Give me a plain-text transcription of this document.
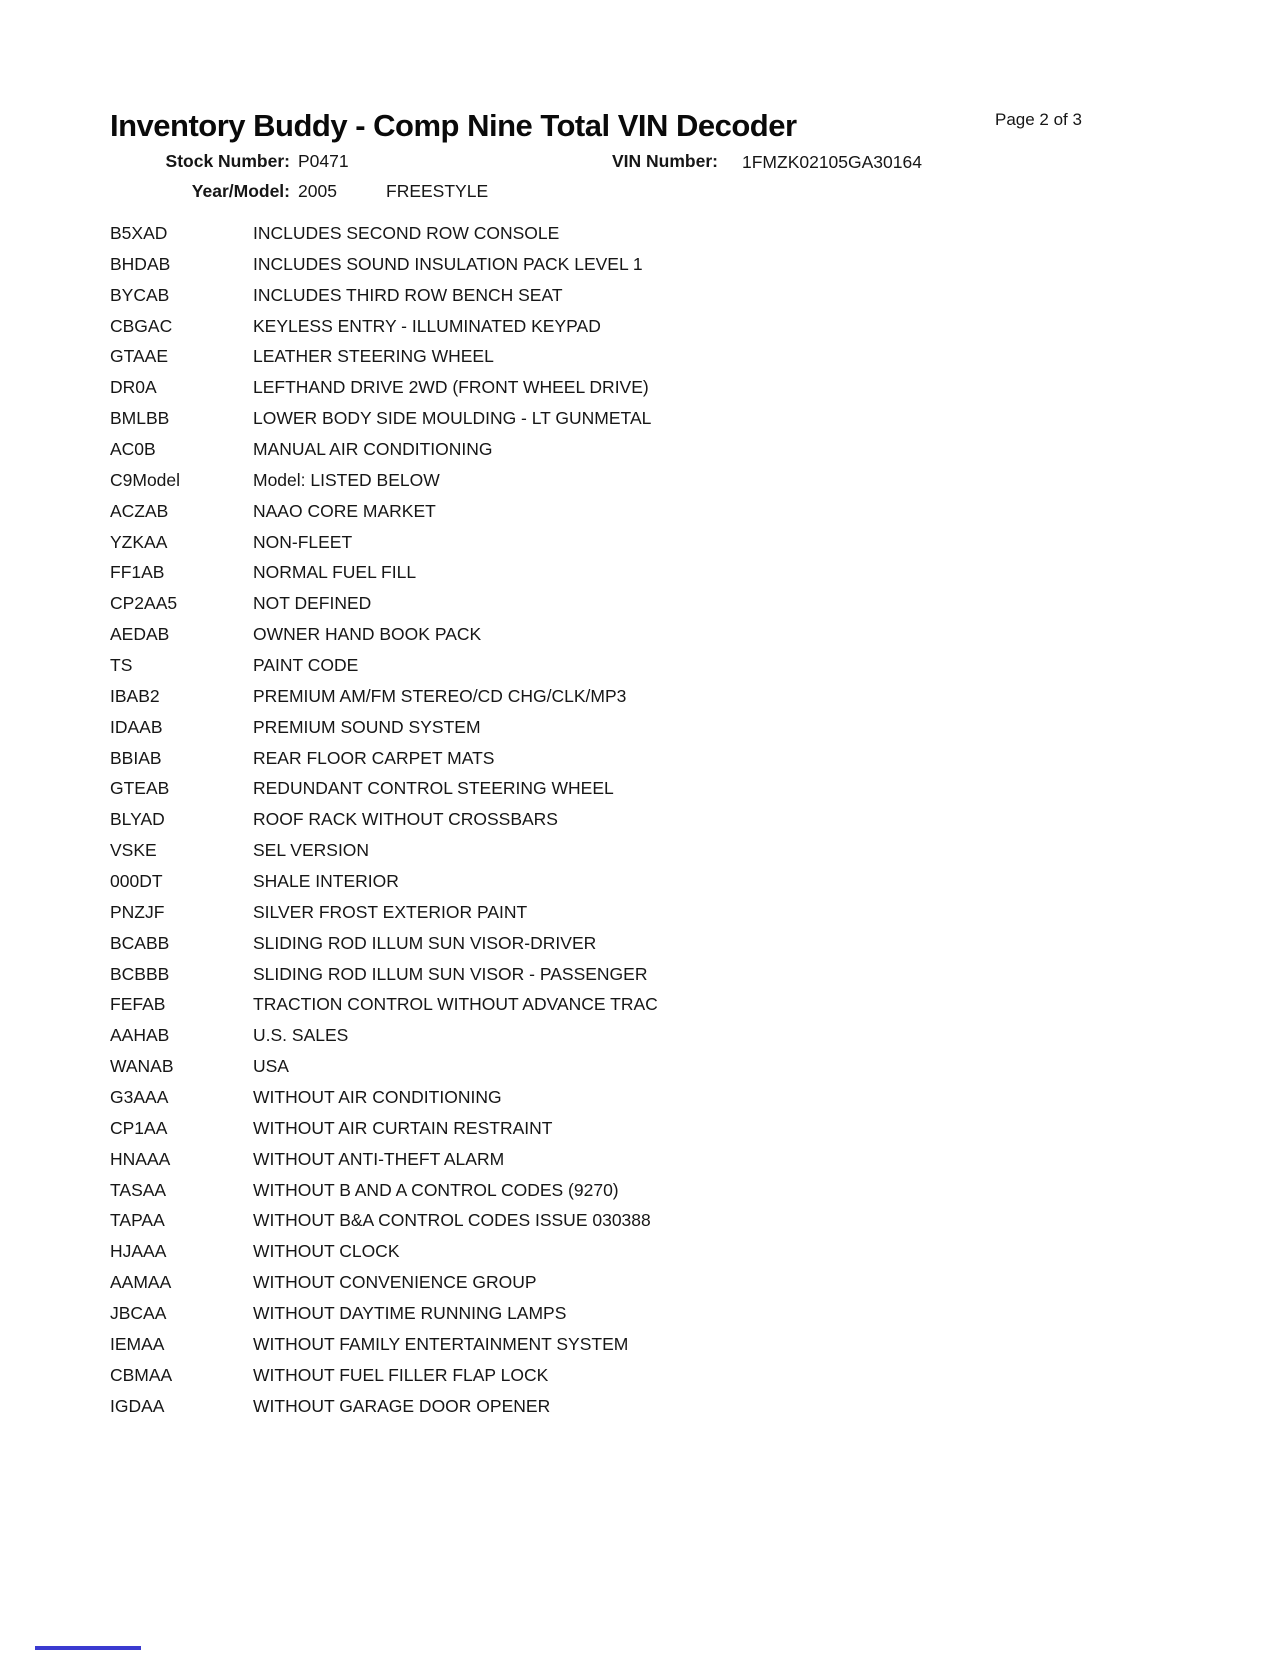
Inventory Buddy - Comp Nine Total VIN Decoder	Page 2 of 3
Stock Number: P0471	VIN Number: 1FMZK02105GA30164
Year/Model: 2005	FREESTYLE
B5XAD	INCLUDES SECOND ROW CONSOLE
BHDAB	INCLUDES SOUND INSULATION PACK LEVEL 1
BYCAB	INCLUDES THIRD ROW BENCH SEAT
CBGAC	KEYLESS ENTRY - ILLUMINATED KEYPAD
GTAAE	LEATHER STEERING WHEEL
DR0A	LEFTHAND DRIVE 2WD (FRONT WHEEL DRIVE)
BMLBB	LOWER BODY SIDE MOULDING - LT GUNMETAL
AC0B	MANUAL AIR CONDITIONING
C9Model	Model: LISTED BELOW
ACZAB	NAAO CORE MARKET
YZKAA	NON-FLEET
FF1AB	NORMAL FUEL FILL
CP2AA5	NOT DEFINED
AEDAB	OWNER HAND BOOK PACK
TS	PAINT CODE
IBAB2	PREMIUM AM/FM STEREO/CD CHG/CLK/MP3
IDAAB	PREMIUM SOUND SYSTEM
BBIAB	REAR FLOOR CARPET MATS
GTEAB	REDUNDANT CONTROL STEERING WHEEL
BLYAD	ROOF RACK WITHOUT CROSSBARS
VSKE	SEL VERSION
000DT	SHALE INTERIOR
PNZJF	SILVER FROST EXTERIOR PAINT
BCABB	SLIDING ROD ILLUM SUN VISOR-DRIVER
BCBBB	SLIDING ROD ILLUM SUN VISOR - PASSENGER
FEFAB	TRACTION CONTROL WITHOUT ADVANCE TRAC
AAHAB	U.S. SALES
WANAB	USA
G3AAA	WITHOUT AIR CONDITIONING
CP1AA	WITHOUT AIR CURTAIN RESTRAINT
HNAAA	WITHOUT ANTI-THEFT ALARM
TASAA	WITHOUT B AND A CONTROL CODES (9270)
TAPAA	WITHOUT B&A CONTROL CODES ISSUE 030388
HJAAA	WITHOUT CLOCK
AAMAA	WITHOUT CONVENIENCE GROUP
JBCAA	WITHOUT DAYTIME RUNNING LAMPS
IEMAA	WITHOUT FAMILY ENTERTAINMENT SYSTEM
CBMAA	WITHOUT FUEL FILLER FLAP LOCK
IGDAA	WITHOUT GARAGE DOOR OPENER
